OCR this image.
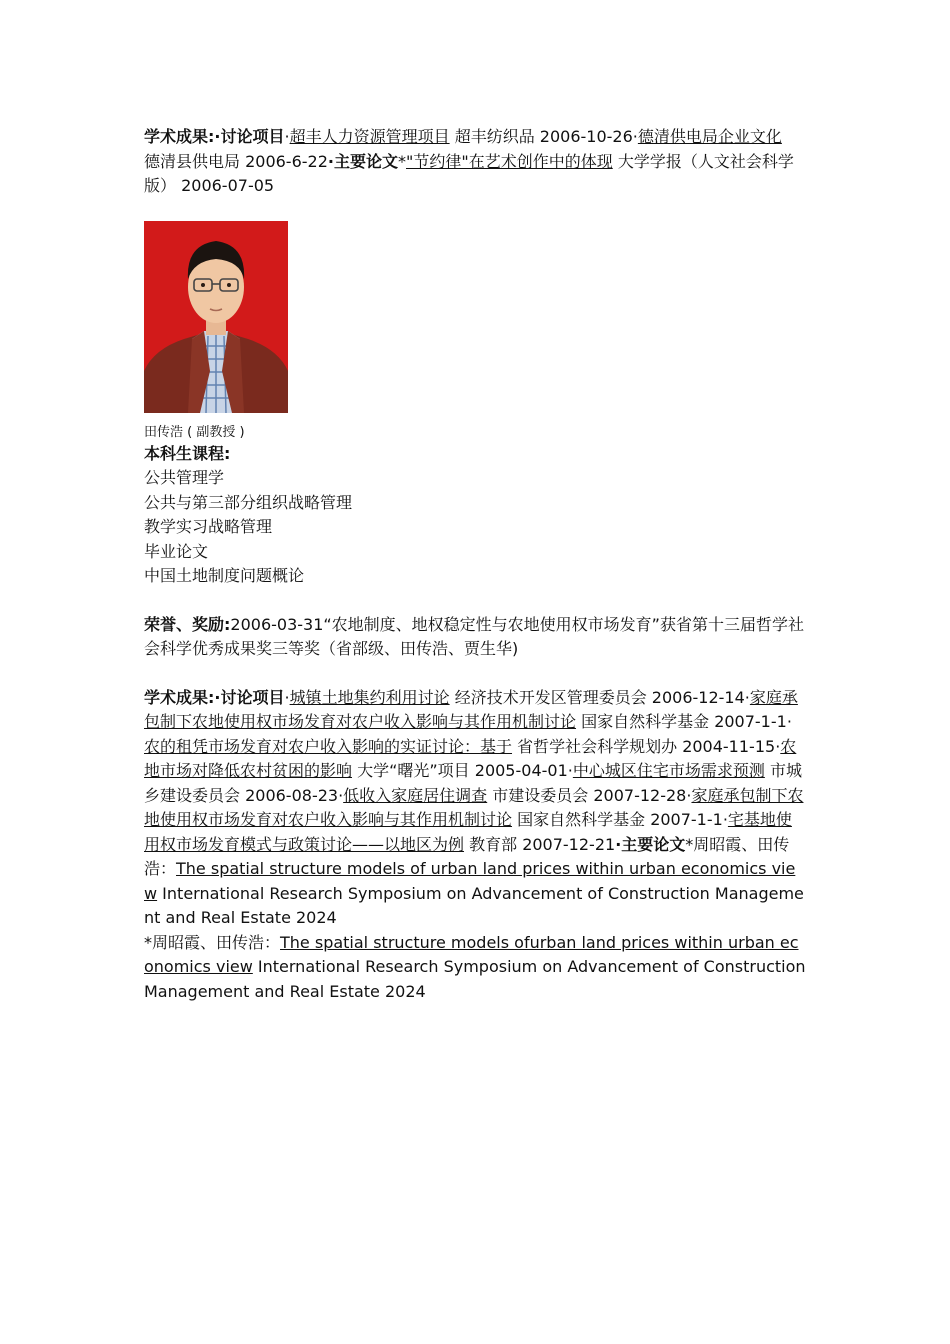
学术成果:·讨论项目·超丰人力资源管理项目 超丰纺织品 2006-10-26·德清供电局企业文化　 德清县供电局 2006-6-22·主要论文*"节约律"在艺术创作中的体现 大学学报（人文社会科学版） 2006-07-05

田传浩 ( 副教授 )
本科生课程:
公共管理学
公共与第三部分组织战略管理
教学实习战略管理
毕业论文
中国土地制度问题概论

荣誉、奖励:2006-03-31“农地制度、地权稳定性与农地使用权市场发育”获省第十三届哲学社会科学优秀成果奖三等奖（省部级、田传浩、贾生华)

学术成果:·讨论项目·城镇土地集约利用讨论 经济技术开发区管理委员会 2006-12-14·家庭承包制下农地使用权市场发育对农户收入影响与其作用机制讨论 国家自然科学基金 2007-1-1·农的租凭市场发育对农户收入影响的实证讨论：基于 省哲学社会科学规划办 2004-11-15·农地市场对降低农村贫困的影响 大学“曙光”项目 2005-04-01·中心城区住宅市场需求预测 市城乡建设委员会 2006-08-23·低收入家庭居住调查 市建设委员会 2007-12-28·家庭承包制下农地使用权市场发育对农户收入影响与其作用机制讨论 国家自然科学基金 2007-1-1·宅基地使用权市场发育模式与政策讨论——以地区为例 教育部 2007-12-21·主要论文*周昭霞、田传浩：The spatial structure models of urban land prices within urban economics view International Research Symposium on Advancement of Construction Management and Real Estate 2024
*周昭霞、田传浩：The spatial structure models ofurban land prices within urban economics view International Research Symposium on Advancement of Construction Management and Real Estate 2024
